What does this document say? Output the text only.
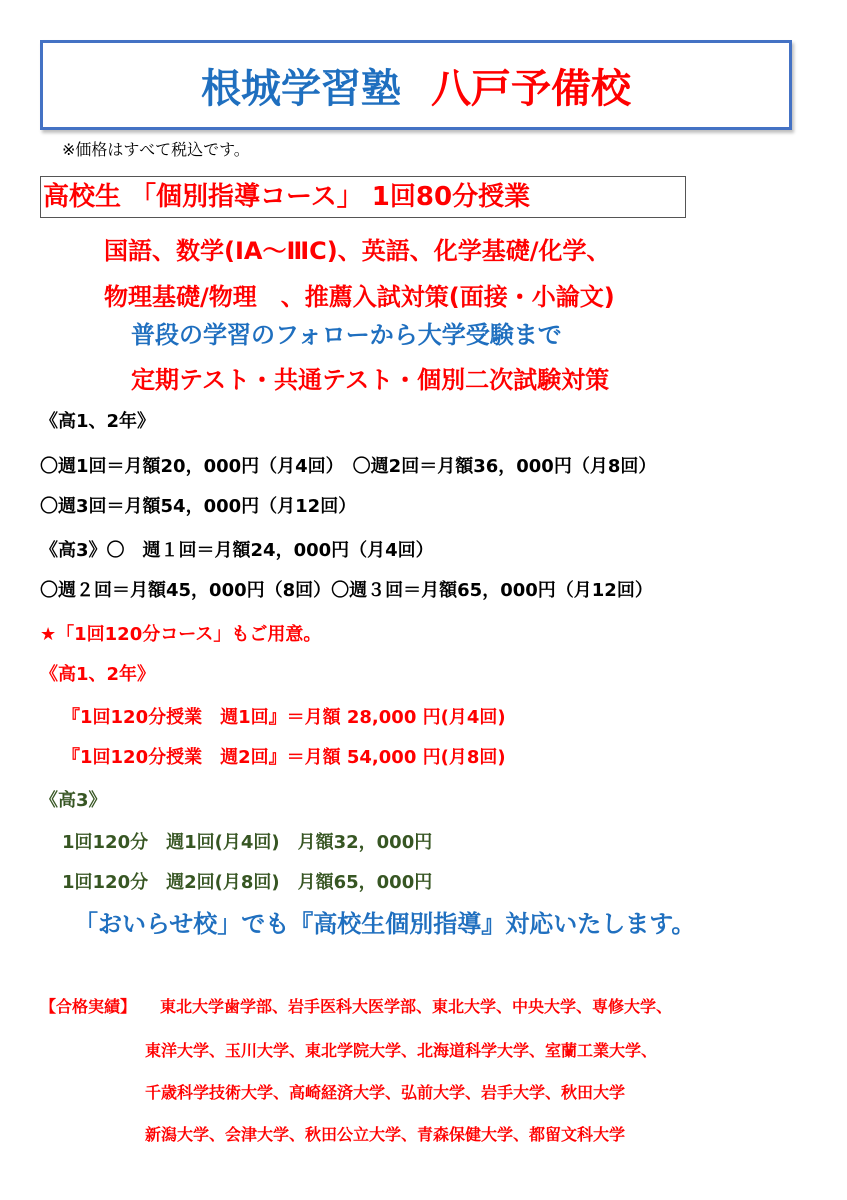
根城学習塾 八戸予備校
※価格はすべて税込です。
高校生 「個別指導コース」 1回80分授業
国語、数学(ⅠA～ⅢC)、英語、化学基礎/化学、
物理基礎/物理　、推薦入試対策(面接・小論文)
普段の学習のフォローから大学受験まで
定期テスト・共通テスト・個別二次試験対策
《高1、2年》
〇週1回＝月額20，000円（月4回）　〇週2回＝月額36，000円（月8回）
〇週3回＝月額54，000円（月12回）
《高3》〇　週１回＝月額24，000円（月4回）
〇週２回＝月額45，000円（8回）〇週３回＝月額65，000円（月12回）
★「1回120分コース」もご用意。
《高1、2年》
『1回120分授業　週1回』＝月額 28,000 円(月4回)
『1回120分授業　週2回』＝月額 54,000 円(月8回)
《高3》
1回120分　週1回(月4回)　月額32，000円
1回120分　週2回(月8回)　月額65，000円
「おいらせ校」でも『高校生個別指導』対応いたします。
【合格実績】 東北大学歯学部、岩手医科大医学部、東北大学、中央大学、専修大学、
東洋大学、玉川大学、東北学院大学、北海道科学大学、室蘭工業大学、
千歳科学技術大学、高崎経済大学、弘前大学、岩手大学、秋田大学
新潟大学、会津大学、秋田公立大学、青森保健大学、都留文科大学
